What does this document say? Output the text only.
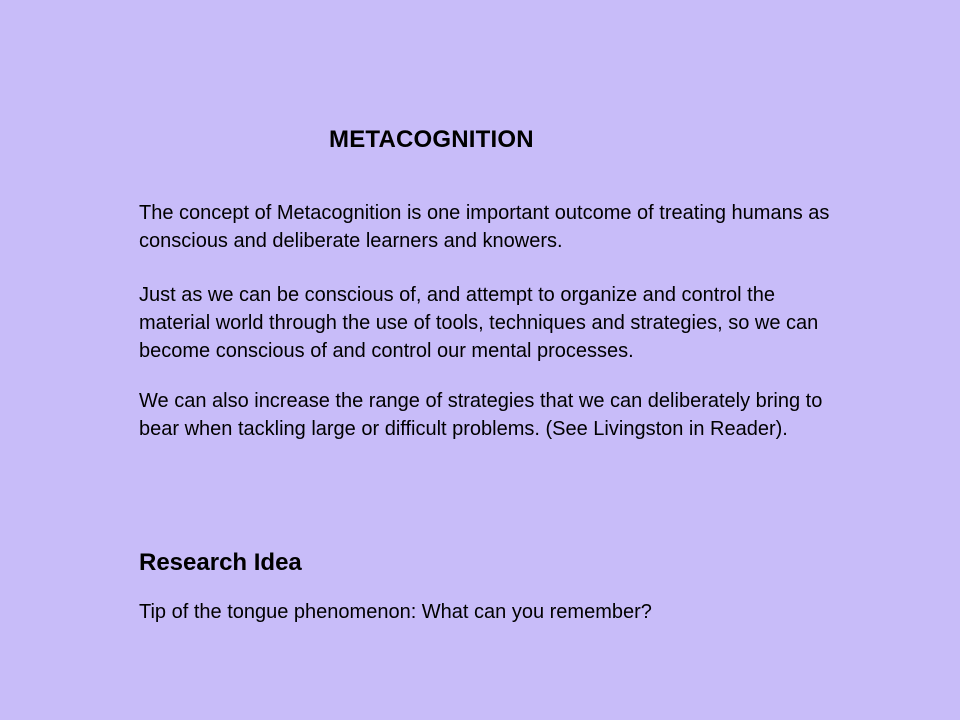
METACOGNITION

The concept of Metacognition is one important outcome of treating humans as conscious and deliberate learners and knowers.

Just as we can be conscious of, and attempt to organize and control the material world through the use of tools, techniques and strategies, so we can become conscious of and control our mental processes.

We can also increase the range of strategies that we can deliberately bring to bear when tackling large or difficult problems. (See Livingston in Reader).

Research Idea
Tip of the tongue phenomenon: What can you remember?
